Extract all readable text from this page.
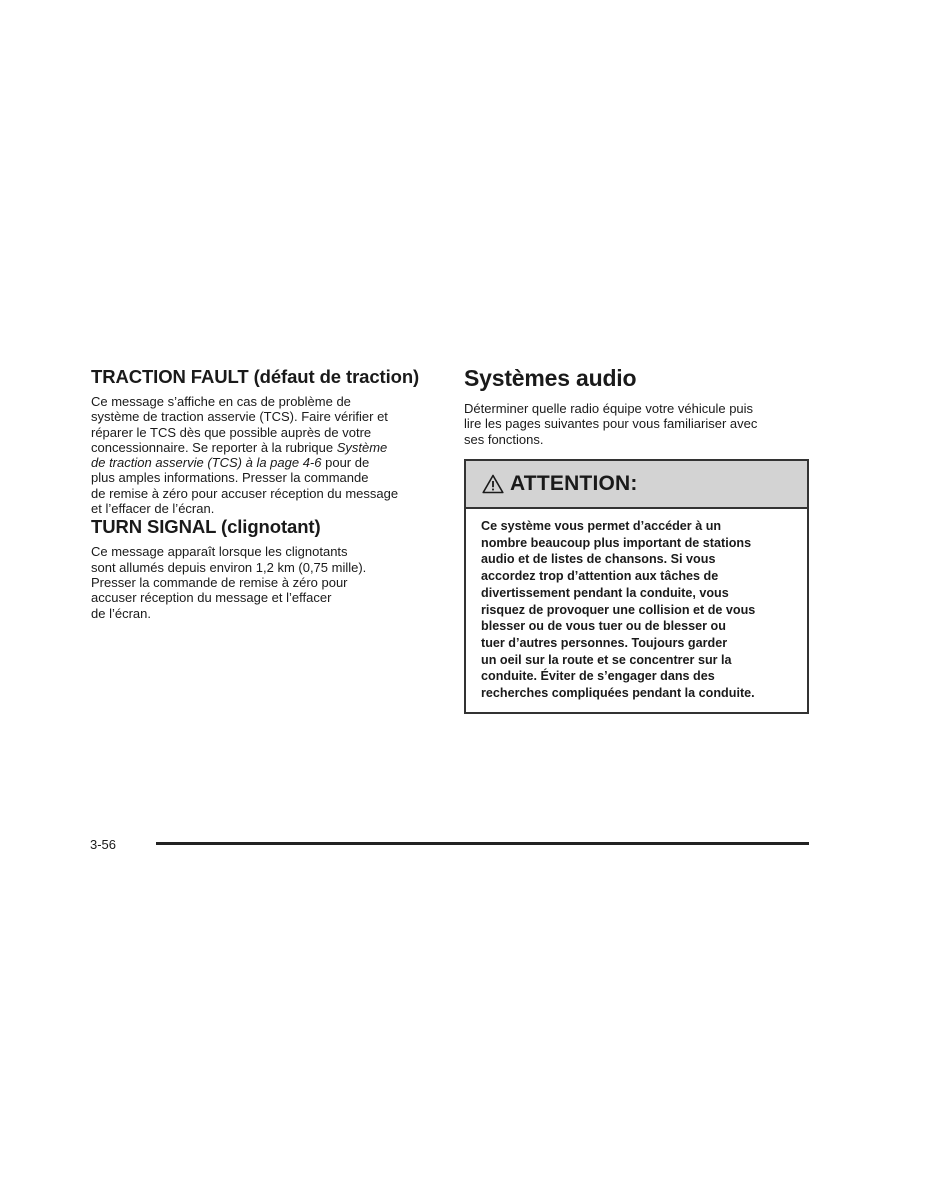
TRACTION FAULT (défaut de traction)

Ce message s’affiche en cas de problème de
système de traction asservie (TCS). Faire vérifier et
réparer le TCS dès que possible auprès de votre
concessionnaire. Se reporter à la rubrique Système
de traction asservie (TCS) à la page 4-6 pour de
plus amples informations. Presser la commande
de remise à zéro pour accuser réception du message
et l’effacer de l’écran.

TURN SIGNAL (clignotant)

Ce message apparaît lorsque les clignotants
sont allumés depuis environ 1,2 km (0,75 mille).
Presser la commande de remise à zéro pour
accuser réception du message et l’effacer
de l’écran.

Systèmes audio

Déterminer quelle radio équipe votre véhicule puis
lire les pages suivantes pour vous familiariser avec
ses fonctions.

ATTENTION:
Ce système vous permet d’accéder à un
nombre beaucoup plus important de stations
audio et de listes de chansons. Si vous
accordez trop d’attention aux tâches de
divertissement pendant la conduite, vous
risquez de provoquer une collision et de vous
blesser ou de vous tuer ou de blesser ou
tuer d’autres personnes. Toujours garder
un oeil sur la route et se concentrer sur la
conduite. Éviter de s’engager dans des
recherches compliquées pendant la conduite.
3-56
